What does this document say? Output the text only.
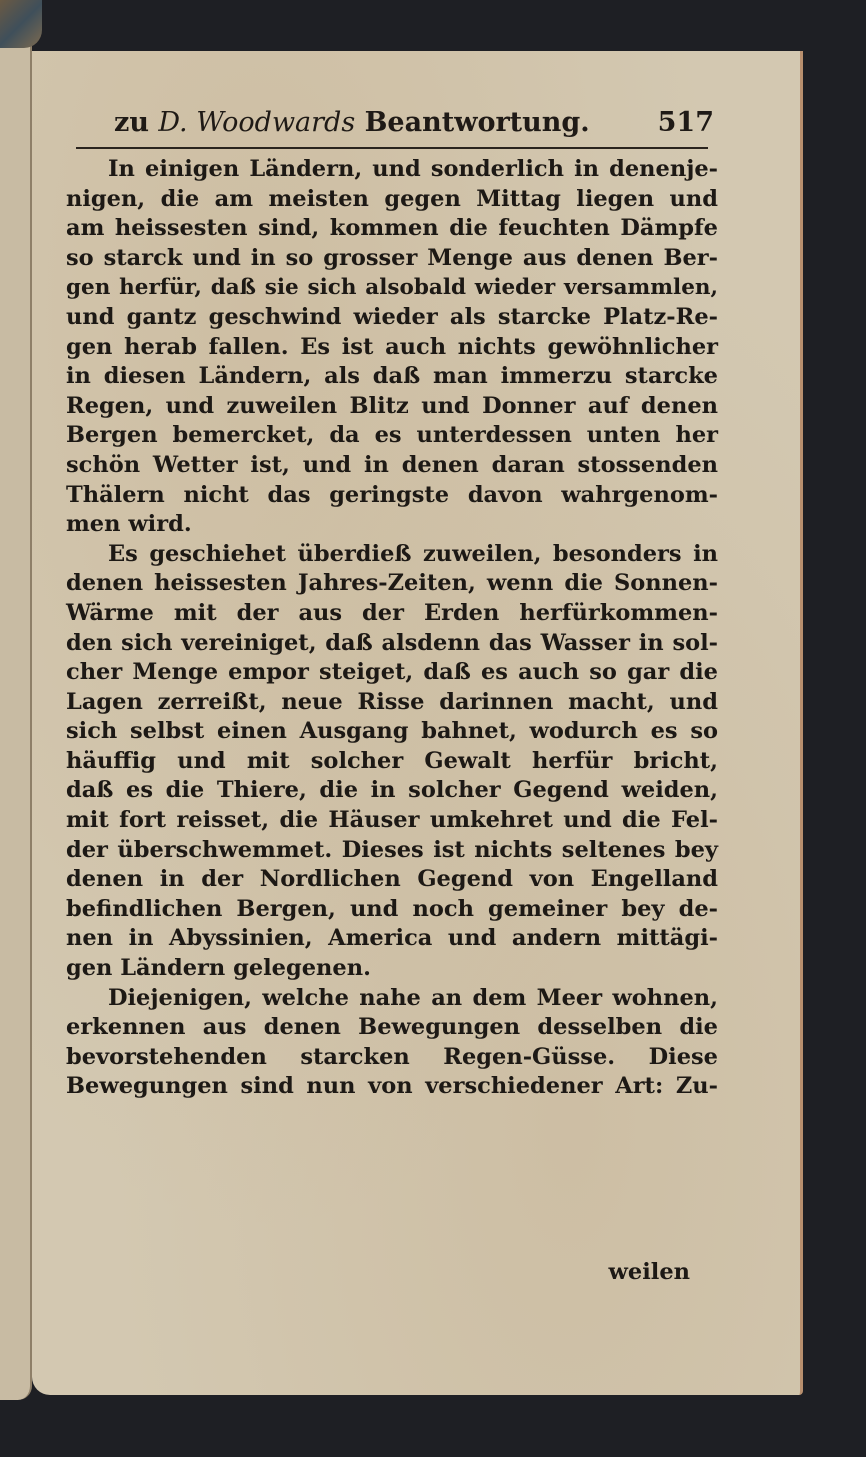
zu D. Woodwards Beantwortung.	517
In einigen Ländern, und sonderlich in denenje-
nigen, die am meisten gegen Mittag liegen und
am heissesten sind, kommen die feuchten Dämpfe
so starck und in so grosser Menge aus denen Ber-
gen herfür, daß sie sich alsobald wieder versammlen,
und gantz geschwind wieder als starcke Platz-Re-
gen herab fallen. Es ist auch nichts gewöhnlicher
in diesen Ländern, als daß man immerzu starcke
Regen, und zuweilen Blitz und Donner auf denen
Bergen bemercket, da es unterdessen unten her
schön Wetter ist, und in denen daran stossenden
Thälern nicht das geringste davon wahrgenom-
men wird.
Es geschiehet überdieß zuweilen, besonders in
denen heissesten Jahres-Zeiten, wenn die Sonnen-
Wärme mit der aus der Erden herfürkommen-
den sich vereiniget, daß alsdenn das Wasser in sol-
cher Menge empor steiget, daß es auch so gar die
Lagen zerreißt, neue Risse darinnen macht, und
sich selbst einen Ausgang bahnet, wodurch es so
häuffig und mit solcher Gewalt herfür bricht,
daß es die Thiere, die in solcher Gegend weiden,
mit fort reisset, die Häuser umkehret und die Fel-
der überschwemmet. Dieses ist nichts seltenes bey
denen in der Nordlichen Gegend von Engelland
befindlichen Bergen, und noch gemeiner bey de-
nen in Abyssinien, America und andern mittägi-
gen Ländern gelegenen.
Diejenigen, welche nahe an dem Meer wohnen,
erkennen aus denen Bewegungen desselben die
bevorstehenden starcken Regen-Güsse. Diese
Bewegungen sind nun von verschiedener Art: Zu-
weilen
